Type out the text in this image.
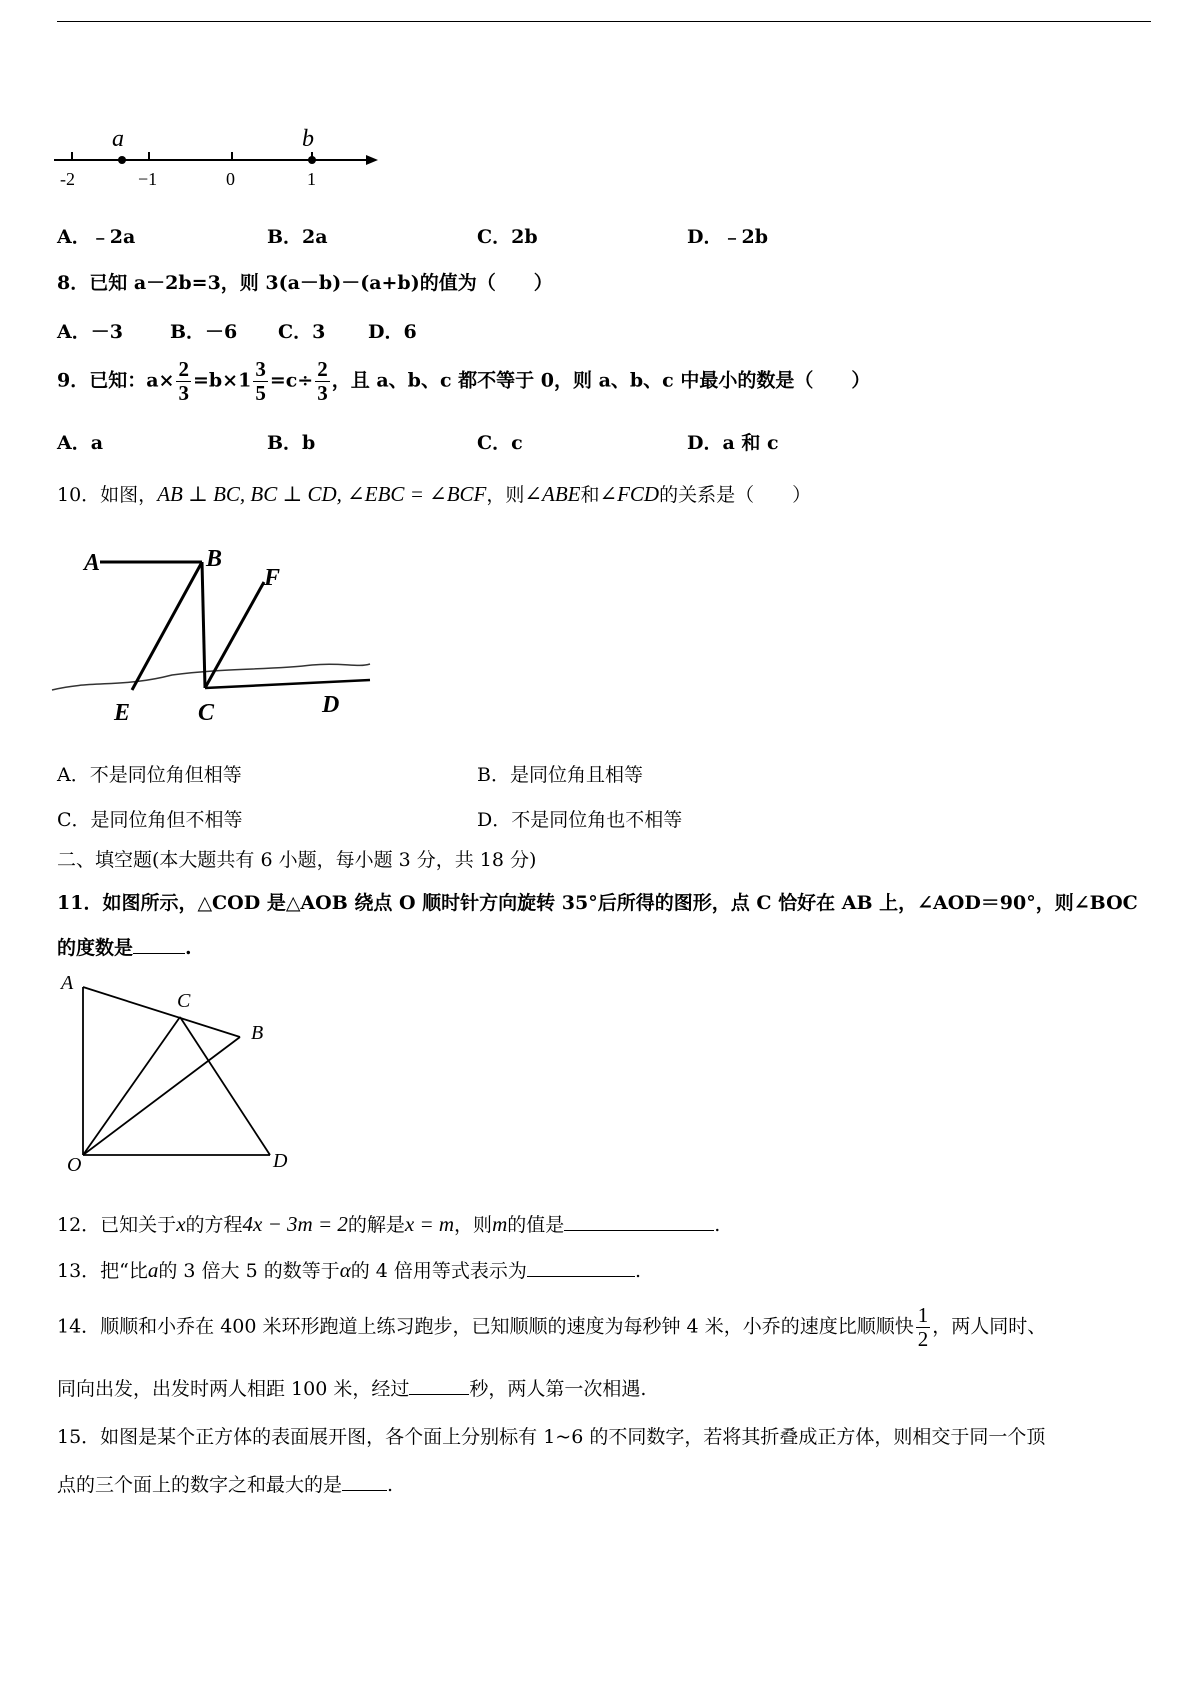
a	b
-2	−1	0	1
A．﹣2a	B．2a	C．2b	D．﹣2b
8．已知 a－2b=3，则 3(a－b)－(a+b)的值为（　　）
A．－3 B．－6 C．3 D．6
9．已知：$a\times \frac{2}{3} =b\times 1 \frac{3}{5} =c\div \frac{2}{3}$ ，且 a、b、c 都不等于 0，则 a、b、c 中最小的数是（　　）
A．a	B．b	C．c	D．a 和 c
10．如图，AB ⊥ BC, BC ⊥ CD, ∠EBC = ∠BCF，则∠ABE和∠FCD的关系是（　　）
A	B
F
E	C	D
A．不是同位角但相等	B．是同位角且相等
C．是同位角但不相等	D．不是同位角也不相等
二、填空题(本大题共有 6 小题，每小题 3 分，共 18 分)
11．如图所示，△COD 是△AOB 绕点 O 顺时针方向旋转 35°后所得的图形，点 C 恰好在 AB 上，∠AOD＝90°，则∠BOC
的度数是	.
A
C
B
O	D
12．已知关于x的方程4x − 3m = 2的解是x = m，则m的值是	.
13．把“比a的 3 倍大 5 的数等于α的 4 倍用等式表示为	.
14．顺顺和小乔在 400 米环形跑道上练习跑步，已知顺顺的速度为每秒钟 4 米，小乔的速度比顺顺快 $\frac{1}{2}$ ，两人同时、
同向出发，出发时两人相距 100 米，经过	秒，两人第一次相遇.
15．如图是某个正方体的表面展开图，各个面上分别标有 1~6 的不同数字，若将其折叠成正方体，则相交于同一个顶
点的三个面上的数字之和最大的是 .
